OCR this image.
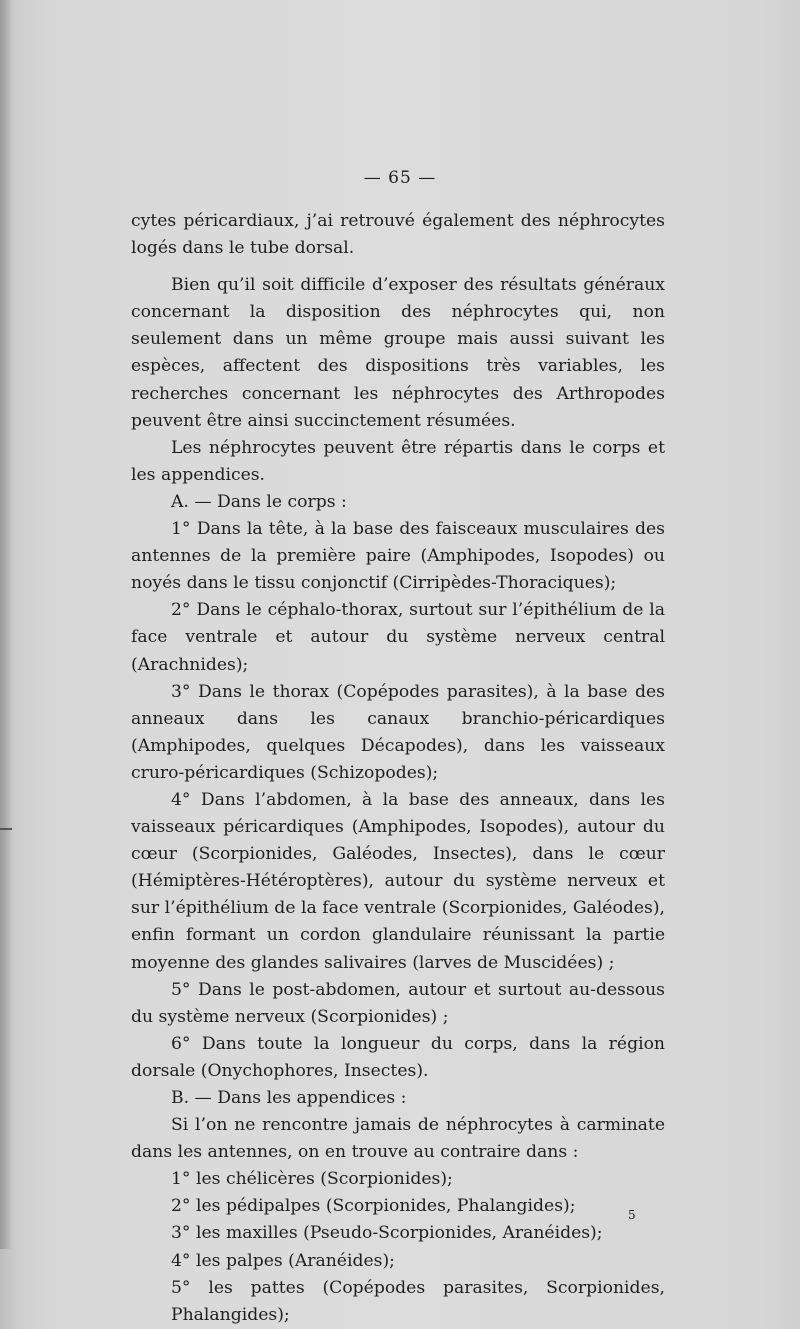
— 65 —

cytes péricardiaux, j’ai retrouvé également des néphrocytes logés dans le tube dorsal.

Bien qu’il soit difficile d’exposer des résultats généraux concernant la disposition des néphrocytes qui, non seulement dans un même groupe mais aussi suivant les espèces, affectent des dispositions très variables, les recherches concernant les néphrocytes des Arthropodes peuvent être ainsi succinctement résumées.

Les néphrocytes peuvent être répartis dans le corps et les appendices.

A. — Dans le corps :

1° Dans la tête, à la base des faisceaux musculaires des antennes de la première paire (Amphipodes, Isopodes) ou noyés dans le tissu conjonctif (Cirripèdes-Thoraciques);

2° Dans le céphalo-thorax, surtout sur l’épithélium de la face ventrale et autour du système nerveux central (Arachnides);

3° Dans le thorax (Copépodes parasites), à la base des anneaux dans les canaux branchio-péricardiques (Amphipodes, quelques Décapodes), dans les vaisseaux cruro-péricardiques (Schizopodes);

4° Dans l’abdomen, à la base des anneaux, dans les vaisseaux péricardiques (Amphipodes, Isopodes), autour du cœur (Scorpionides, Galéodes, Insectes), dans le cœur (Hémiptères-Hétéroptères), autour du système nerveux et sur l’épithélium de la face ventrale (Scorpionides, Galéodes), enfin formant un cordon glandulaire réunissant la partie moyenne des glandes salivaires (larves de Muscidées) ;

5° Dans le post-abdomen, autour et surtout au-dessous du système nerveux (Scorpionides) ;

6° Dans toute la longueur du corps, dans la région dorsale (Onychophores, Insectes).

B. — Dans les appendices :

Si l’on ne rencontre jamais de néphrocytes à carminate dans les antennes, on en trouve au contraire dans :

1° les chélicères (Scorpionides);

2° les pédipalpes (Scorpionides, Phalangides);

3° les maxilles (Pseudo-Scorpionides, Aranéides);

4° les palpes (Aranéides);

5° les pattes (Copépodes parasites, Scorpionides, Phalangides);

5
